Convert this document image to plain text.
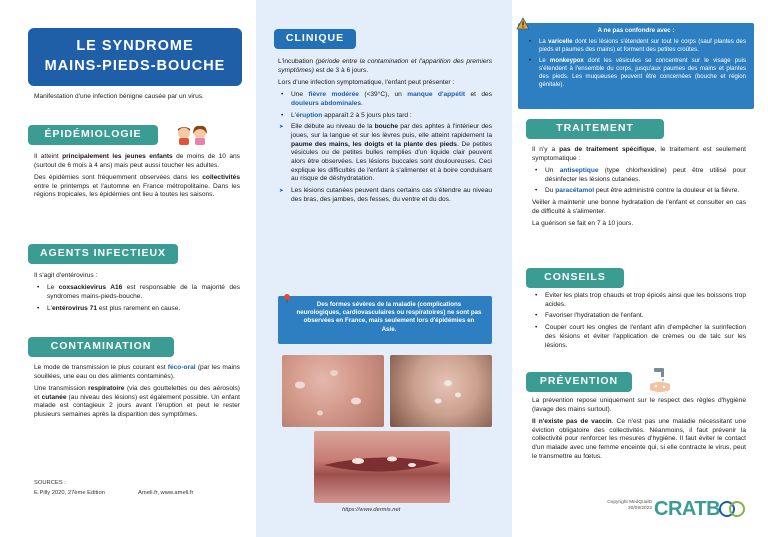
LE SYNDROME
MAINS-PIEDS-BOUCHE

Manifestation d'une infection bénigne causée par un virus.

ÉPIDÉMIOLOGIE

Il atteint principalement les jeunes enfants de moins de 10 ans (surtout de 6 mois à 4 ans) mais peut aussi toucher les adultes.

Des épidémies sont fréquemment observées dans les collectivités entre le printemps et l'automne en France métropolitaine. Dans les régions tropicales, les épidémies ont lieu à toutes les saisons.

AGENTS INFECTIEUX

Il s'agit d'entérovirus :

• Le coxsackievirus A16 est responsable de la majorité des syndromes mains-pieds-bouche.
• L'entérovirus 71 est plus rarement en cause.
CONTAMINATION

Le mode de transmission le plus courant est féco-oral (par les mains souillées, une eau ou des aliments contaminés).

Une transmission respiratoire (via des gouttelettes ou des aérosols) et cutanée (au niveau des lésions) est également possible. Un enfant malade est contagieux 2 jours avant l'éruption et peut le rester plusieurs semaines après la disparition des symptômes.

SOURCES :
E.Pilly 2020, 27ème Edition	Ameli.fr, www.ameli.fr
CLINIQUE

L'incubation (période entre la contamination et l'apparition des premiers symptômes) est de 3 à 6 jours.

Lors d'une infection symptomatique, l'enfant peut présenter :

• Une fièvre modérée (<39°C), un manque d'appétit et des douleurs abdominales.
• L'éruption apparaît 2 à 5 jours plus tard :
➤ Elle débute au niveau de la bouche par des aphtes à l'intérieur des joues, sur la langue et sur les lèvres puis, elle atteint rapidement la paume des mains, les doigts et la plante des pieds. De petites vésicules ou de petites bulles remplies d'un liquide clair peuvent alors être observées. Les lésions buccales sont douloureuses. Ceci explique les difficultés de l'enfant à s'alimenter et à boire conduisant au risque de déshydratation.
➤ Les lésions cutanées peuvent dans certains cas s'étendre au niveau des bras, des jambes, des fesses, du ventre et du dos.
Des formes sévères de la maladie (complications neurologiques, cardiovasculaires ou respiratoires) ne sont pas observées en France, mais seulement lors d'épidémies en Asie.
https://www.dermis.net
A ne pas confondre avec :
• La varicelle dont les lésions s'étendent sur tout le corps (sauf plantes des pieds et paumes des mains) et forment des petites croûtes.
• Le monkeypox dont les vésicules se concentrent sur le visage puis s'étendent à l'ensemble du corps, jusqu'aux paumes des mains et plantes des pieds. Les muqueuses peuvent être concernées (bouche et région génitale).
TRAITEMENT

Il n'y a pas de traitement spécifique, le traitement est seulement symptomatique :

• Un antiseptique (type chlorhexidine) peut être utilisé pour désinfecter les lésions cutanées.
• Du paracétamol peut être administré contre la douleur et la fièvre.

Veiller à maintenir une bonne hydratation de l'enfant et consulter en cas de difficulté à s'alimenter.

La guérison se fait en 7 à 10 jours.

CONSEILS
• Eviter les plats trop chauds et trop épicés ainsi que les boissons trop acides.
• Favoriser l'hydratation de l'enfant.
• Couper court les ongles de l'enfant afin d'empêcher la surinfection des lésions et éviter l'application de crèmes ou de talc sur les lésions.
PRÉVENTION

La prévention repose uniquement sur le respect des règles d'hygiène (lavage des mains surtout).

Il n'existe pas de vaccin. Ce n'est pas une maladie nécessitant une éviction obligatoire des collectivités. Néanmoins, il faut prévenir la collectivité pour renforcer les mesures d'hygiène. Il faut éviter le contact d'un malade avec une femme enceinte qui, si elle contracte le virus, peut le transmettre au fœtus.

Copyright MedQualD
30/09/2022 CRATB
